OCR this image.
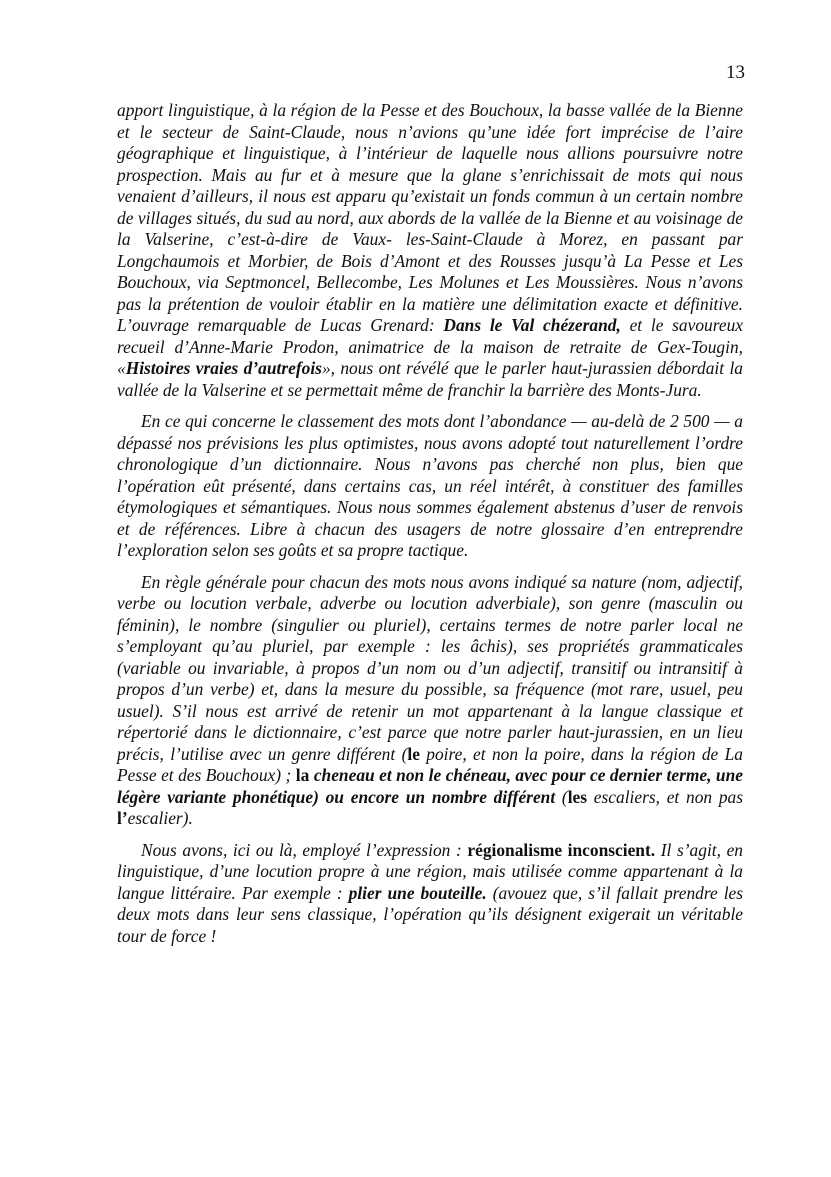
13

apport linguistique, à la région de la Pesse et des Bouchoux, la basse vallée de la Bienne et le secteur de Saint-Claude, nous n’avions qu’une idée fort imprécise de l’aire géographique et linguistique, à l’intérieur de laquelle nous allions poursuivre notre prospection. Mais au fur et à mesure que la glane s’enrichissait de mots qui nous venaient d’ailleurs, il nous est apparu qu’existait un fonds commun à un certain nombre de villages situés, du sud au nord, aux abords de la vallée de la Bienne et au voisinage de la Valserine, c’est-à-dire de Vaux- les-Saint-Claude à Morez, en passant par Longchaumois et Morbier, de Bois d’Amont et des Rousses jusqu’à La Pesse et Les Bouchoux, via Septmoncel, Bellecombe, Les Molunes et Les Moussières. Nous n’avons pas la prétention de vouloir établir en la matière une délimitation exacte et définitive. L’ouvrage remarquable de Lucas Grenard: Dans le Val chézerand, et le savoureux recueil d’Anne-Marie Prodon, animatrice de la maison de retraite de Gex-Tougin, «Histoires vraies d’autrefois», nous ont révélé que le parler haut-jurassien débordait la vallée de la Valserine et se permettait même de franchir la barrière des Monts-Jura.

En ce qui concerne le classement des mots dont l’abondance — au-delà de 2 500 — a dépassé nos prévisions les plus optimistes, nous avons adopté tout naturellement l’ordre chronologique d’un dictionnaire. Nous n’avons pas cherché non plus, bien que l’opération eût présenté, dans certains cas, un réel intérêt, à constituer des familles étymologiques et sémantiques. Nous nous sommes également abstenus d’user de renvois et de références. Libre à chacun des usagers de notre glossaire d’en entreprendre l’exploration selon ses goûts et sa propre tactique.

En règle générale pour chacun des mots nous avons indiqué sa nature (nom, adjectif, verbe ou locution verbale, adverbe ou locution adverbiale), son genre (masculin ou féminin), le nombre (singulier ou pluriel), certains termes de notre parler local ne s’employant qu’au pluriel, par exemple : les âchis), ses propriétés grammaticales (variable ou invariable, à propos d’un nom ou d’un adjectif, transitif ou intransitif à propos d’un verbe) et, dans la mesure du possible, sa fréquence (mot rare, usuel, peu usuel). S’il nous est arrivé de retenir un mot appartenant à la langue classique et répertorié dans le dictionnaire, c’est parce que notre parler haut-jurassien, en un lieu précis, l’utilise avec un genre différent (le poire, et non la poire, dans la région de La Pesse et des Bouchoux) ; la cheneau et non le chéneau, avec pour ce dernier terme, une légère variante phonétique) ou encore un nombre différent (les escaliers, et non pas l’escalier).

Nous avons, ici ou là, employé l’expression : régionalisme inconscient. Il s’agit, en linguistique, d’une locution propre à une région, mais utilisée comme appartenant à la langue littéraire. Par exemple : plier une bouteille. (avouez que, s’il fallait prendre les deux mots dans leur sens classique, l’opération qu’ils désignent exigerait un véritable tour de force !
